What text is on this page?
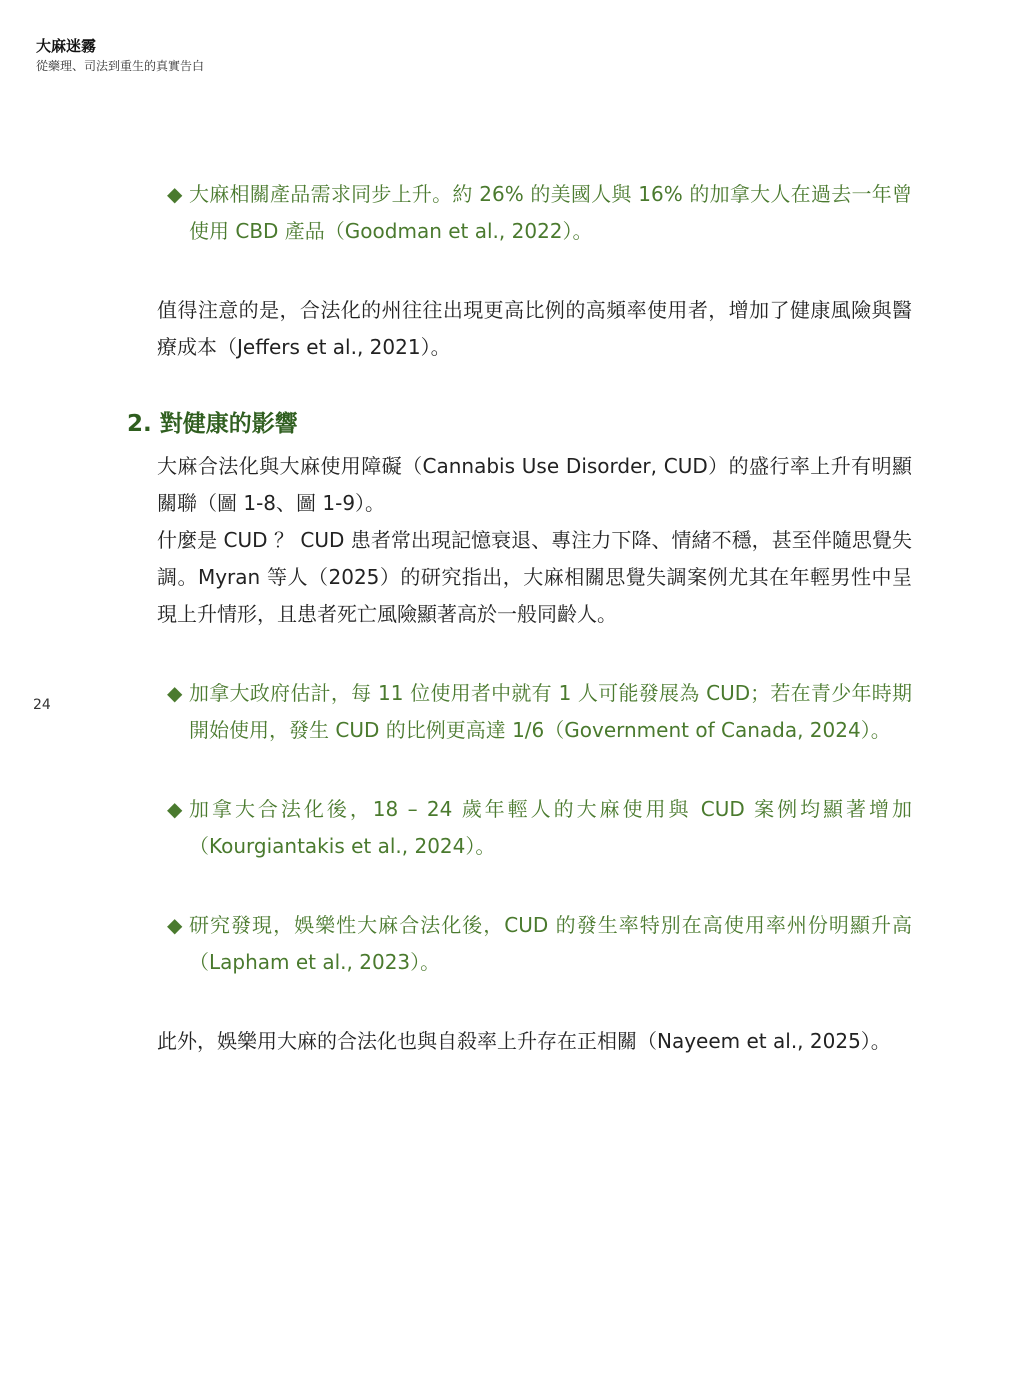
大麻迷霧
從藥理、司法到重生的真實告白
24

◆ 大麻相關產品需求同步上升。約 26% 的美國人與 16% 的加拿大人在過去一年曾使用 CBD 產品（Goodman et al., 2022）。

值得注意的是，合法化的州往往出現更高比例的高頻率使用者，增加了健康風險與醫療成本（Jeffers et al., 2021）。

2. 對健康的影響

大麻合法化與大麻使用障礙（Cannabis Use Disorder, CUD）的盛行率上升有明顯關聯（圖 1-8、圖 1-9）。

什麼是 CUD ？ CUD 患者常出現記憶衰退、專注力下降、情緒不穩，甚至伴隨思覺失調。Myran 等人（2025）的研究指出，大麻相關思覺失調案例尤其在年輕男性中呈現上升情形，且患者死亡風險顯著高於一般同齡人。

◆ 加拿大政府估計，每 11 位使用者中就有 1 人可能發展為 CUD；若在青少年時期開始使用，發生 CUD 的比例更高達 1/6（Government of Canada, 2024）。

◆ 加拿大合法化後，18 – 24 歲年輕人的大麻使用與 CUD 案例均顯著增加（Kourgiantakis et al., 2024）。

◆ 研究發現，娛樂性大麻合法化後，CUD 的發生率特別在高使用率州份明顯升高（Lapham et al., 2023）。

此外，娛樂用大麻的合法化也與自殺率上升存在正相關（Nayeem et al., 2025）。
